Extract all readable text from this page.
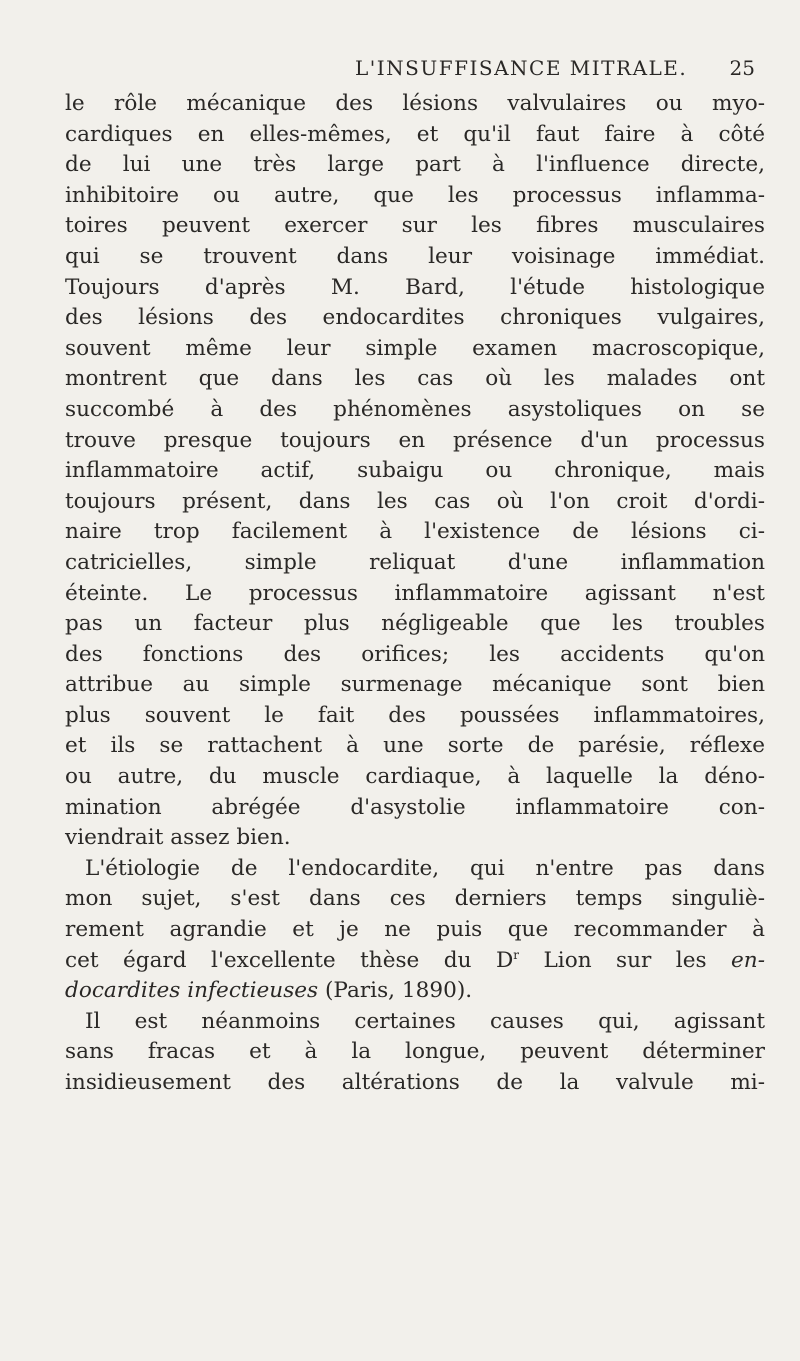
L'INSUFFISANCE MITRALE. 25
le rôle mécanique des lésions valvulaires ou myo-
cardiques en elles-mêmes, et qu'il faut faire à côté
de lui une très large part à l'influence directe,
inhibitoire ou autre, que les processus inflamma-
toires peuvent exercer sur les fibres musculaires
qui se trouvent dans leur voisinage immédiat.
Toujours d'après M. Bard, l'étude histologique
des lésions des endocardites chroniques vulgaires,
souvent même leur simple examen macroscopique,
montrent que dans les cas où les malades ont
succombé à des phénomènes asystoliques on se
trouve presque toujours en présence d'un processus
inflammatoire actif, subaigu ou chronique, mais
toujours présent, dans les cas où l'on croit d'ordi-
naire trop facilement à l'existence de lésions ci-
catricielles, simple reliquat d'une inflammation
éteinte. Le processus inflammatoire agissant n'est
pas un facteur plus négligeable que les troubles
des fonctions des orifices; les accidents qu'on
attribue au simple surmenage mécanique sont bien
plus souvent le fait des poussées inflammatoires,
et ils se rattachent à une sorte de parésie, réflexe
ou autre, du muscle cardiaque, à laquelle la déno-
mination abrégée d'asystolie inflammatoire con-
viendrait assez bien.
L'étiologie de l'endocardite, qui n'entre pas dans
mon sujet, s'est dans ces derniers temps singuliè-
rement agrandie et je ne puis que recommander à
cet égard l'excellente thèse du $D^r$ Lion sur les en-
docardites infectieuses (Paris, 1890).
Il est néanmoins certaines causes qui, agissant
sans fracas et à la longue, peuvent déterminer
insidieusement des altérations de la valvule mi-
